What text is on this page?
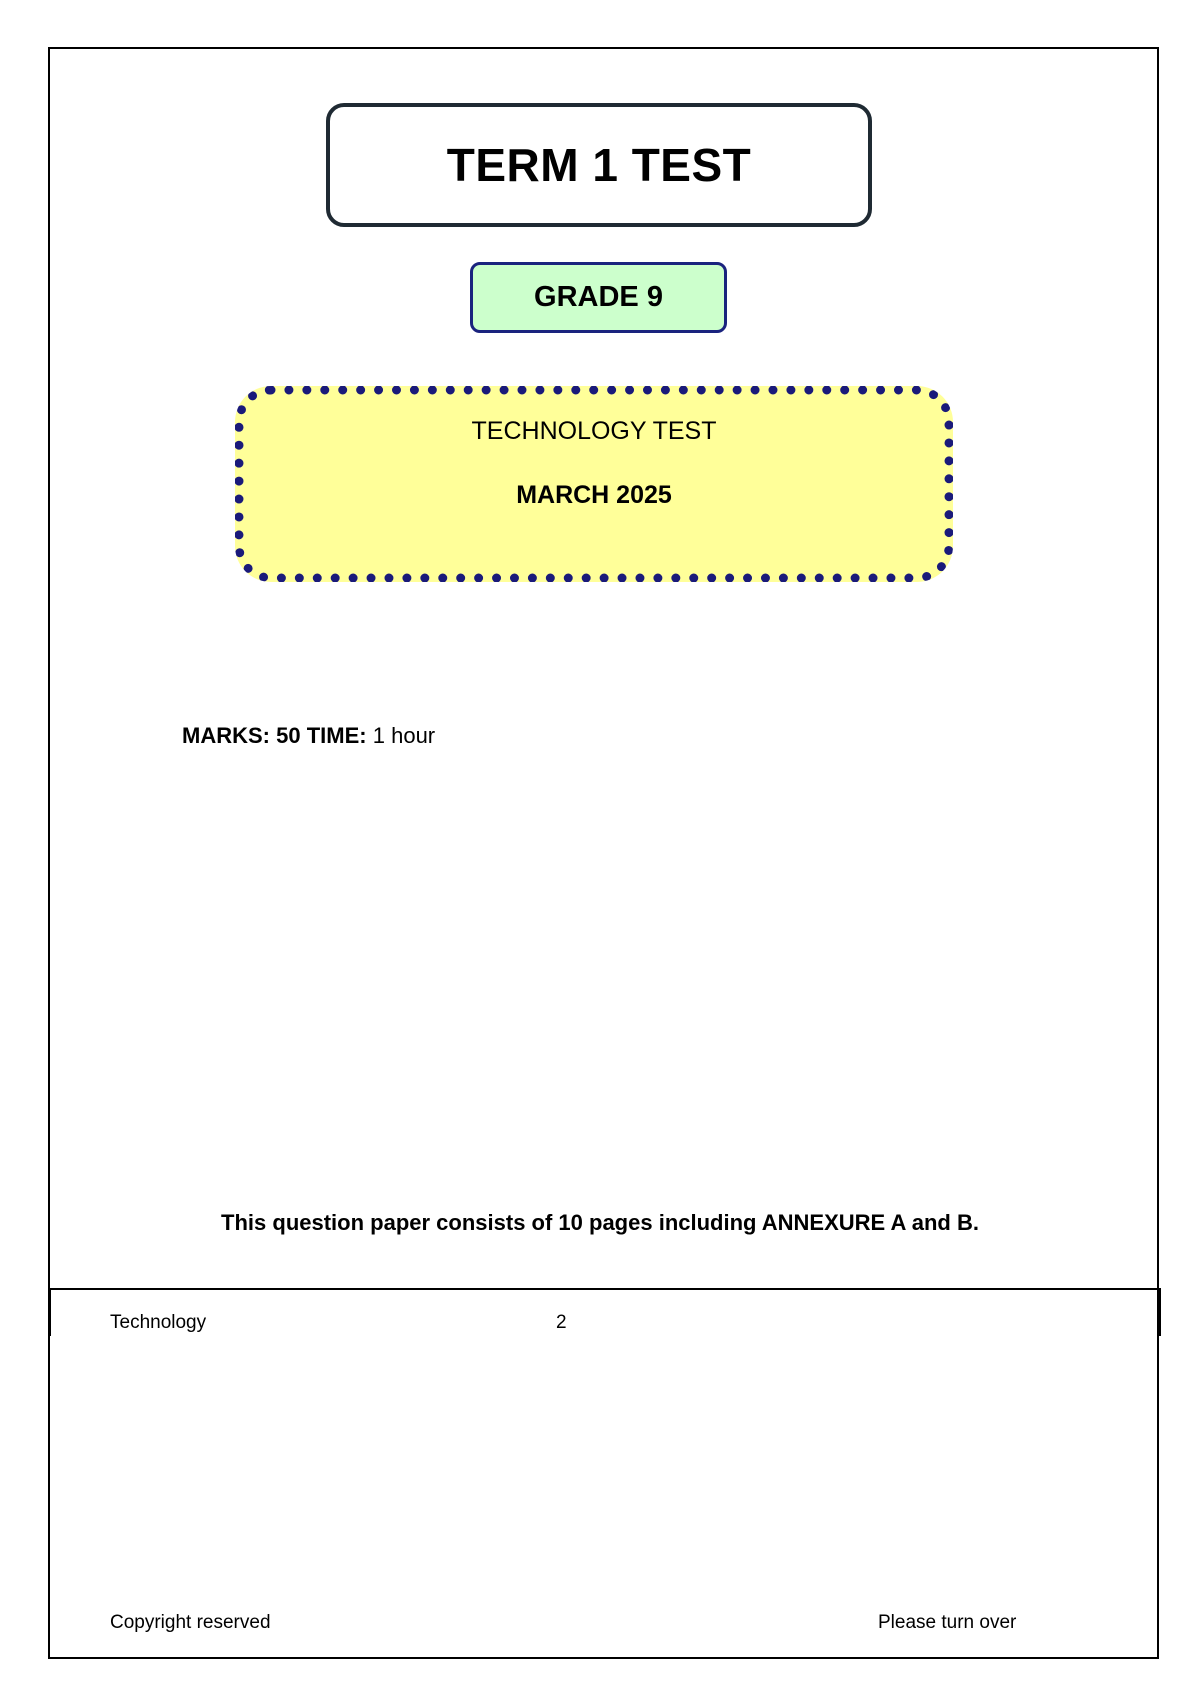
TERM 1 TEST
GRADE 9
TECHNOLOGY TEST
MARCH 2025
MARKS: 50 TIME: 1 hour
This question paper consists of 10 pages including ANNEXURE A and B.
Technology	2
Copyright reserved	Please turn over
